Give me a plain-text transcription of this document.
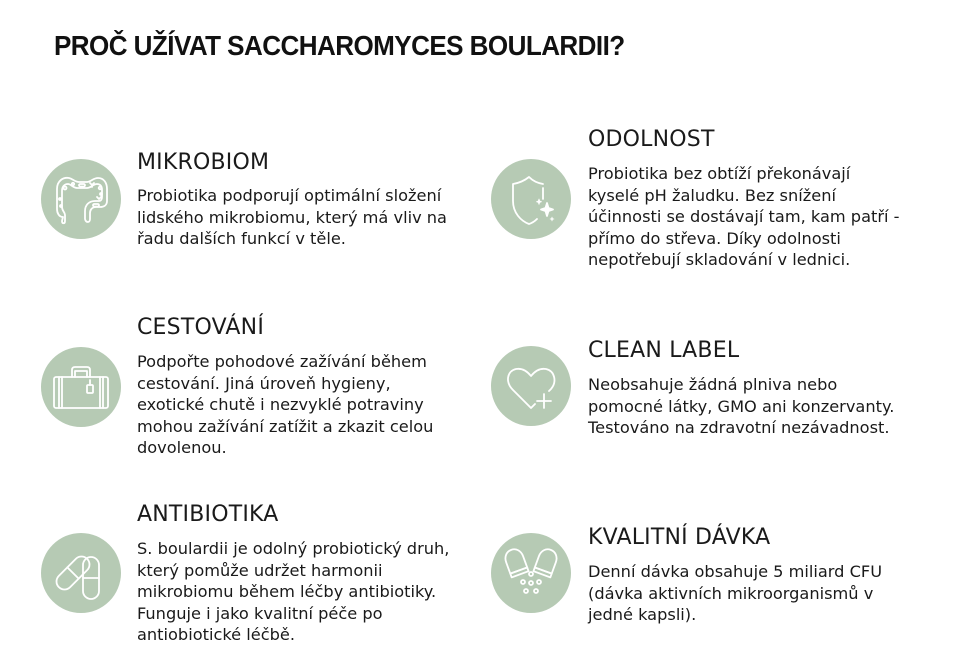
PROČ UŽÍVAT SACCHAROMYCES BOULARDII?
MIKROBIOM
Probiotika podporují optimální složení
lidského mikrobiomu, který má vliv na
řadu dalších funkcí v těle.
ODOLNOST
Probiotika bez obtíží překonávají
kyselé pH žaludku. Bez snížení
účinnosti se dostávají tam, kam patří -
přímo do střeva. Díky odolnosti
nepotřebují skladování v lednici.
CESTOVÁNÍ
Podpořte pohodové zažívání během
cestování. Jiná úroveň hygieny,
exotické chutě i nezvyklé potraviny
mohou zažívání zatížit a zkazit celou
dovolenou.
CLEAN LABEL
Neobsahuje žádná plniva nebo
pomocné látky, GMO ani konzervanty.
Testováno na zdravotní nezávadnost.
ANTIBIOTIKA
S. boulardii je odolný probiotický druh,
který pomůže udržet harmonii
mikrobiomu během léčby antibiotiky.
Funguje i jako kvalitní péče po
antiobiotické léčbě.
KVALITNÍ DÁVKA
Denní dávka obsahuje 5 miliard CFU
(dávka aktivních mikroorganismů v
jedné kapsli).
